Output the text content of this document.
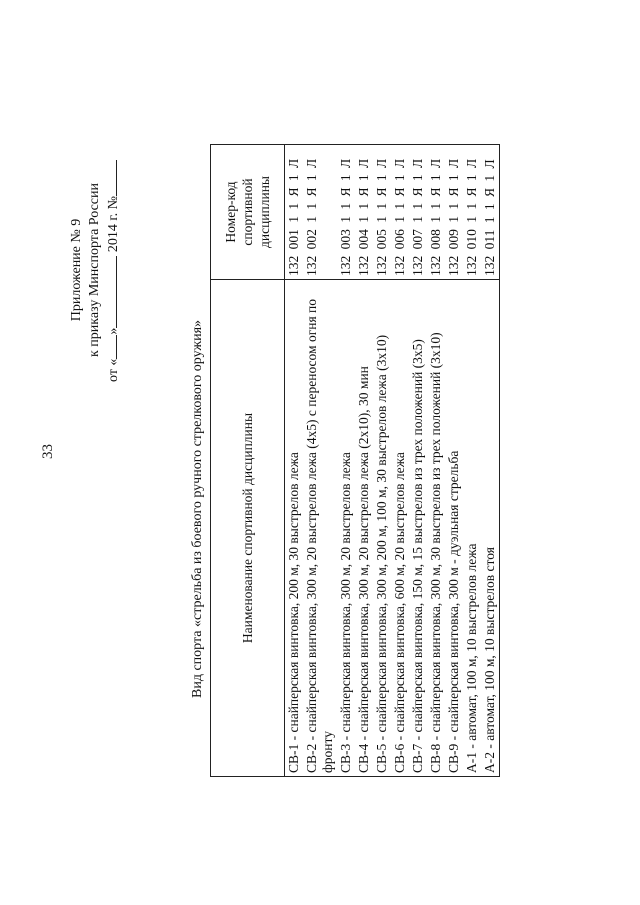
33
Приложение № 9 к приказу Минспорта России
от «» 2014 г. №
Вид спорта «стрельба из боевого ручного стрелкового оружия»	Наименование спортивной дисциплины	Номер-код спортивной дисциплины
СВ-1 - снайперская винтовка, 200 м, 30 выстрелов лежа	132 001 1 1 Я 1 Л
СВ-2 - снайперская винтовка, 300 м, 20 выстрелов лежа (4х5) с переносом огня по фронту	132 002 1 1 Я 1 Л
СВ-3 - снайперская винтовка, 300 м, 20 выстрелов лежа	132 003 1 1 Я 1 Л
СВ-4 - снайперская винтовка, 300 м, 20 выстрелов лежа (2х10), 30 мин	132 004 1 1 Я 1 Л
СВ-5 - снайперская винтовка, 300 м, 200 м, 100 м, 30 выстрелов лежа (3х10)	132 005 1 1 Я 1 Л
СВ-6 - снайперская винтовка, 600 м, 20 выстрелов лежа	132 006 1 1 Я 1 Л
СВ-7 - снайперская винтовка, 150 м, 15 выстрелов из трех положений (3х5)	132 007 1 1 Я 1 Л
СВ-8 - снайперская винтовка, 300 м, 30 выстрелов из трех положений (3х10)	132 008 1 1 Я 1 Л
СВ-9 - снайперская винтовка, 300 м - дуэльная стрельба	132 009 1 1 Я 1 Л
А-1 - автомат, 100 м, 10 выстрелов лежа	132 010 1 1 Я 1 Л
А-2 - автомат, 100 м, 10 выстрелов стоя	132 011 1 1 Я 1 Л
